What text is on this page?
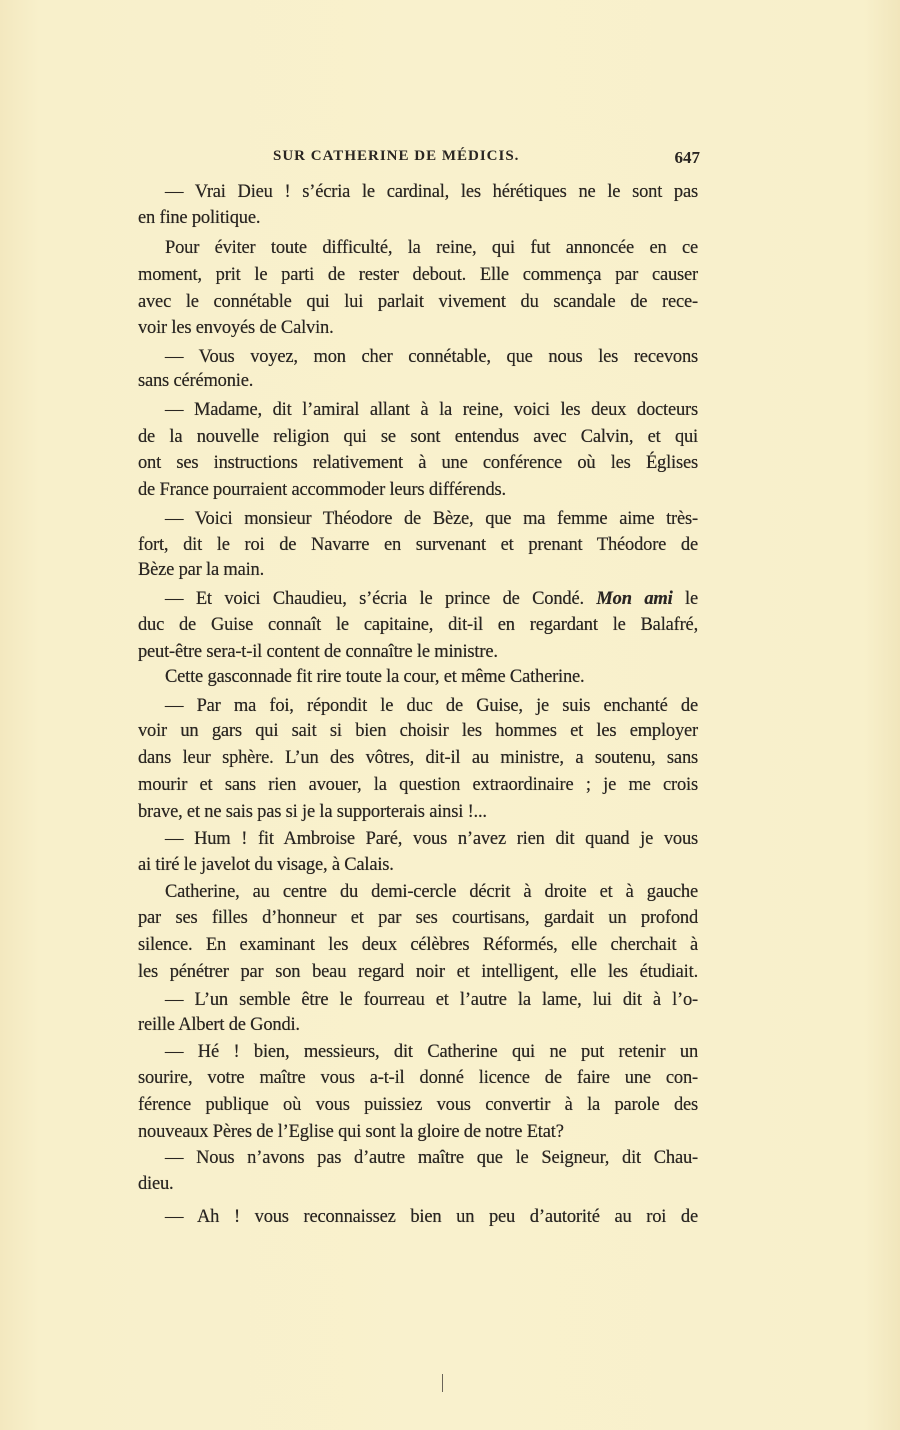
SUR CATHERINE DE MÉDICIS.	647
— Vrai Dieu ! s’écria le cardinal, les hérétiques ne le sont pas
en fine politique.
Pour éviter toute difficulté, la reine, qui fut annoncée en ce
moment, prit le parti de rester debout. Elle commença par causer
avec le connétable qui lui parlait vivement du scandale de rece-
voir les envoyés de Calvin.
— Vous voyez, mon cher connétable, que nous les recevons
sans cérémonie.
— Madame, dit l’amiral allant à la reine, voici les deux docteurs
de la nouvelle religion qui se sont entendus avec Calvin, et qui
ont ses instructions relativement à une conférence où les Églises
de France pourraient accommoder leurs différends.
— Voici monsieur Théodore de Bèze, que ma femme aime très-
fort, dit le roi de Navarre en survenant et prenant Théodore de
Bèze par la main.
— Et voici Chaudieu, s’écria le prince de Condé. Mon ami le
duc de Guise connaît le capitaine, dit-il en regardant le Balafré,
peut-être sera-t-il content de connaître le ministre.
Cette gasconnade fit rire toute la cour, et même Catherine.
— Par ma foi, répondit le duc de Guise, je suis enchanté de
voir un gars qui sait si bien choisir les hommes et les employer
dans leur sphère. L’un des vôtres, dit-il au ministre, a soutenu, sans
mourir et sans rien avouer, la question extraordinaire ; je me crois
brave, et ne sais pas si je la supporterais ainsi !...
— Hum ! fit Ambroise Paré, vous n’avez rien dit quand je vous
ai tiré le javelot du visage, à Calais.
Catherine, au centre du demi-cercle décrit à droite et à gauche
par ses filles d’honneur et par ses courtisans, gardait un profond
silence. En examinant les deux célèbres Réformés, elle cherchait à
les pénétrer par son beau regard noir et intelligent, elle les étudiait.
— L’un semble être le fourreau et l’autre la lame, lui dit à l’o-
reille Albert de Gondi.
— Hé ! bien, messieurs, dit Catherine qui ne put retenir un
sourire, votre maître vous a-t-il donné licence de faire une con-
férence publique où vous puissiez vous convertir à la parole des
nouveaux Pères de l’Eglise qui sont la gloire de notre Etat?
— Nous n’avons pas d’autre maître que le Seigneur, dit Chau-
dieu.
— Ah ! vous reconnaissez bien un peu d’autorité au roi de
